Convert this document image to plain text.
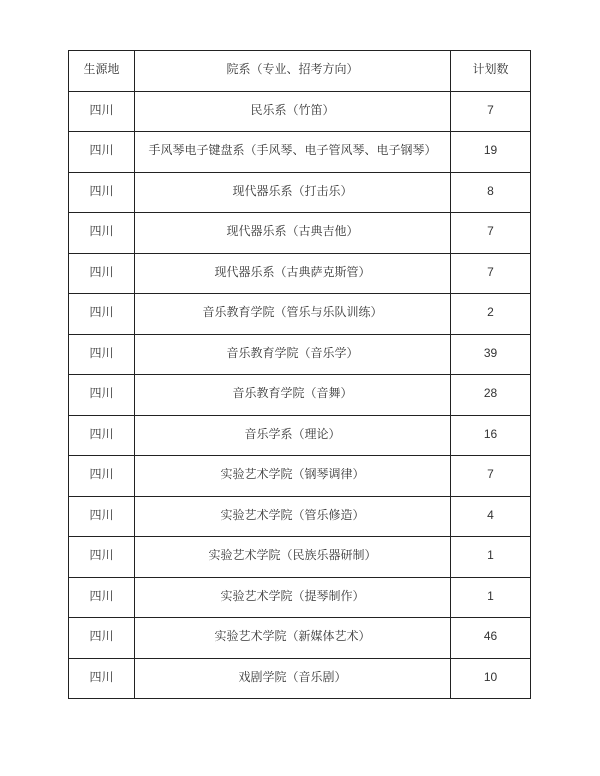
生源地	院系（专业、招考方向）	计划数

四川	民乐系（竹笛）	7

四川	手风琴电子键盘系（手风琴、电子管风琴、电子钢琴）	19

四川	现代器乐系（打击乐）	8

四川	现代器乐系（古典吉他）	7

四川	现代器乐系（古典萨克斯管）	7

四川	音乐教育学院（管乐与乐队训练）	2

四川	音乐教育学院（音乐学）	39

四川	音乐教育学院（音舞）	28

四川	音乐学系（理论）	16

四川	实验艺术学院（钢琴调律）	7

四川	实验艺术学院（管乐修造）	4

四川	实验艺术学院（民族乐器研制）	1

四川	实验艺术学院（提琴制作）	1

四川	实验艺术学院（新媒体艺术）	46

四川	戏剧学院（音乐剧）	10
